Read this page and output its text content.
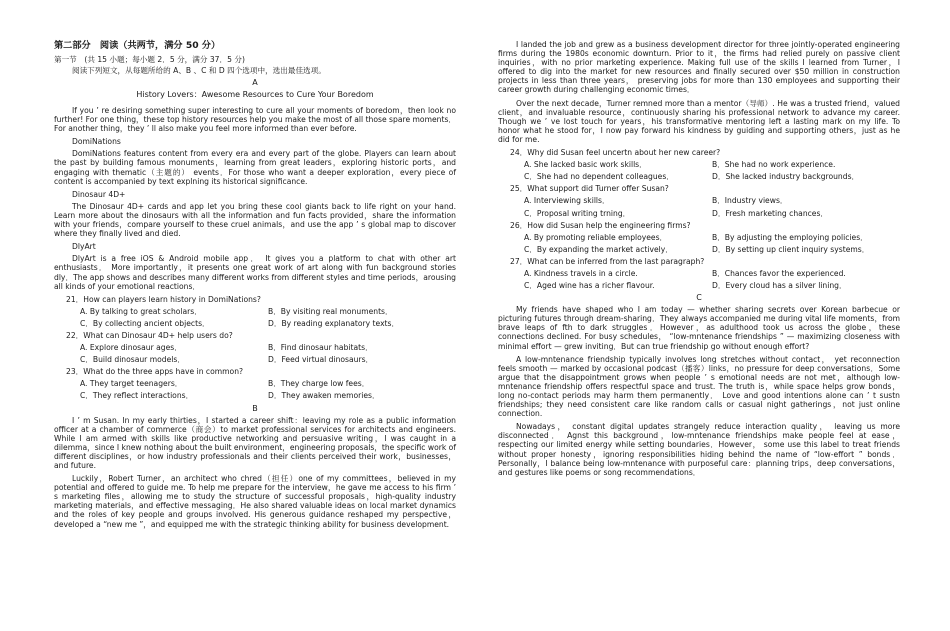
第二部分　阅读（共两节，满分 50 分）
第一节　(共 15 小题；每小题 2．5 分，满分 37．5 分)
阅读下列短文，从每题所给的 A、B 、C 和 D 四个选项中，选出最佳选项。
A
History Lovers：Awesome Resources to Cure Your Boredom

If you ’ re desiring something super interesting to cure all your moments of boredom，then look no further! For one thing，these top history resources help you make the most of all those spare moments．For another thing，they ’ ll also make you feel more informed than ever before.

DomiNations

DomiNations features content from every era and every part of the globe. Players can learn about the past by building famous monuments，learning from great leaders，exploring historic ports，and engaging with thematic（主题的） events．For those who want a deeper exploration，every piece of content is accompanied by text explning its historical significance.

Dinosaur 4D+

The Dinosaur 4D+ cards and app let you bring these cool giants back to life right on your hand. Learn more about the dinosaurs with all the information and fun facts provided，share the information with your friends，compare yourself to these cruel animals，and use the app ’ s global map to discover where they finally lived and died.

DlyArt

DlyArt is a free iOS & Android mobile app． It gives you a platform to chat with other art enthusiasts． More importantly，it presents one great work of art along with fun background stories dly．The app shows and describes many different works from different styles and time periods，arousing all kinds of your emotional reactions．

21．How can players learn history in DomiNations?
A. By talking to great scholars．	B．By visiting real monuments．
C．By collecting ancient objects．	D．By reading explanatory texts．
22．What can Dinosaur 4D+ help users do?
A. Explore dinosaur ages．	B．Find dinosaur habitats．
C．Build dinosaur models．	D．Feed virtual dinosaurs．
23．What do the three apps have in common?
A. They target teenagers．	B．They charge low fees．
C．They reflect interactions．	D．They awaken memories．
B

I ’ m Susan. In my early thirties，I started a career shift：leaving my role as a public information officer at a chamber of commerce（商会）to market professional services for architects and engineers. While I am armed with skills like productive networking and persuasive writing，I was caught in a dilemma，since I knew nothing about the built environment，engineering proposals，the specific work of different disciplines，or how industry professionals and their clients perceived their work，businesses，and future.

Luckily，Robert Turner，an architect who chred（担任）one of my committees，believed in my potential and offered to guide me. To help me prepare for the interview，he gave me access to his firm ’ s marketing files，allowing me to study the structure of successful proposals，high-quality industry marketing materials，and effective messaging．He also shared valuable ideas on local market dynamics and the roles of key people and groups involved. His generous guidance reshaped my perspective，developed a “new me ”，and equipped me with the strategic thinking ability for business development.

I landed the job and grew as a business development director for three jointly-operated engineering firms during the 1980s economic downturn. Prior to it，the firms had relied purely on passive client inquiries，with no prior marketing experience. Making full use of the skills I learned from Turner，I offered to dig into the market for new resources and finally secured over $50 million in construction projects in less than three years， preserving jobs for more than 130 employees and supporting their career growth during challenging economic times．

Over the next decade，Turner remned more than a mentor（导师）. He was a trusted friend，valued client，and invaluable resource，continuously sharing his professional network to advance my career. Though we ’ ve lost touch for years，his transformative mentoring left a lasting mark on my life. To honor what he stood for，I now pay forward his kindness by guiding and supporting others，just as he did for me.

24．Why did Susan feel uncertn about her new career?
A. She lacked basic work skills．	B．She had no work experience.
C．She had no dependent colleagues．	D．She lacked industry backgrounds．
25．What support did Turner offer Susan?
A. Interviewing skills．	B．Industry views．
C．Proposal writing trning．	D．Fresh marketing chances．
26．How did Susan help the engineering firms?
A. By promoting reliable employees．	B．By adjusting the employing policies．
C．By expanding the market actively．	D．By setting up client inquiry systems．
27．What can be inferred from the last paragraph?
A. Kindness travels in a circle.	B．Chances favor the experienced.
C．Aged wine has a richer flavour.	D．Every cloud has a silver lining．
C

My friends have shaped who I am today — whether sharing secrets over Korean barbecue or picturing futures through dream-sharing．They always accompanied me during vital life moments，from brave leaps of fth to dark struggles．However，as adulthood took us across the globe，these connections declined. For busy schedules， “low-mntenance friendships ” — maximizing closeness with minimal effort — grew inviting．But can true friendship go without enough effort?

A low-mntenance friendship typically involves long stretches without contact， yet reconnection feels smooth — marked by occasional podcast（播客）links，no pressure for deep conversations．Some argue that the disappointment grows when people ’ s emotional needs are not met，although low- mntenance friendship offers respectful space and trust. The truth is，while space helps grow bonds，long no-contact periods may harm them permanently． Love and good intentions alone can ’ t sustn friendships; they need consistent care like random calls or casual night gatherings，not just online connection.

Nowadays， constant digital updates strangely reduce interaction quality， leaving us more disconnected． Agnst this background，low-mntenance friendships make people feel at ease，respecting our limited energy while setting boundaries．However， some use this label to treat friends without proper honesty，ignoring responsibilities hiding behind the name of “low-effort ” bonds．Personally，I balance being low-mntenance with purposeful care：planning trips，deep conversations，and gestures like poems or song recommendations．
